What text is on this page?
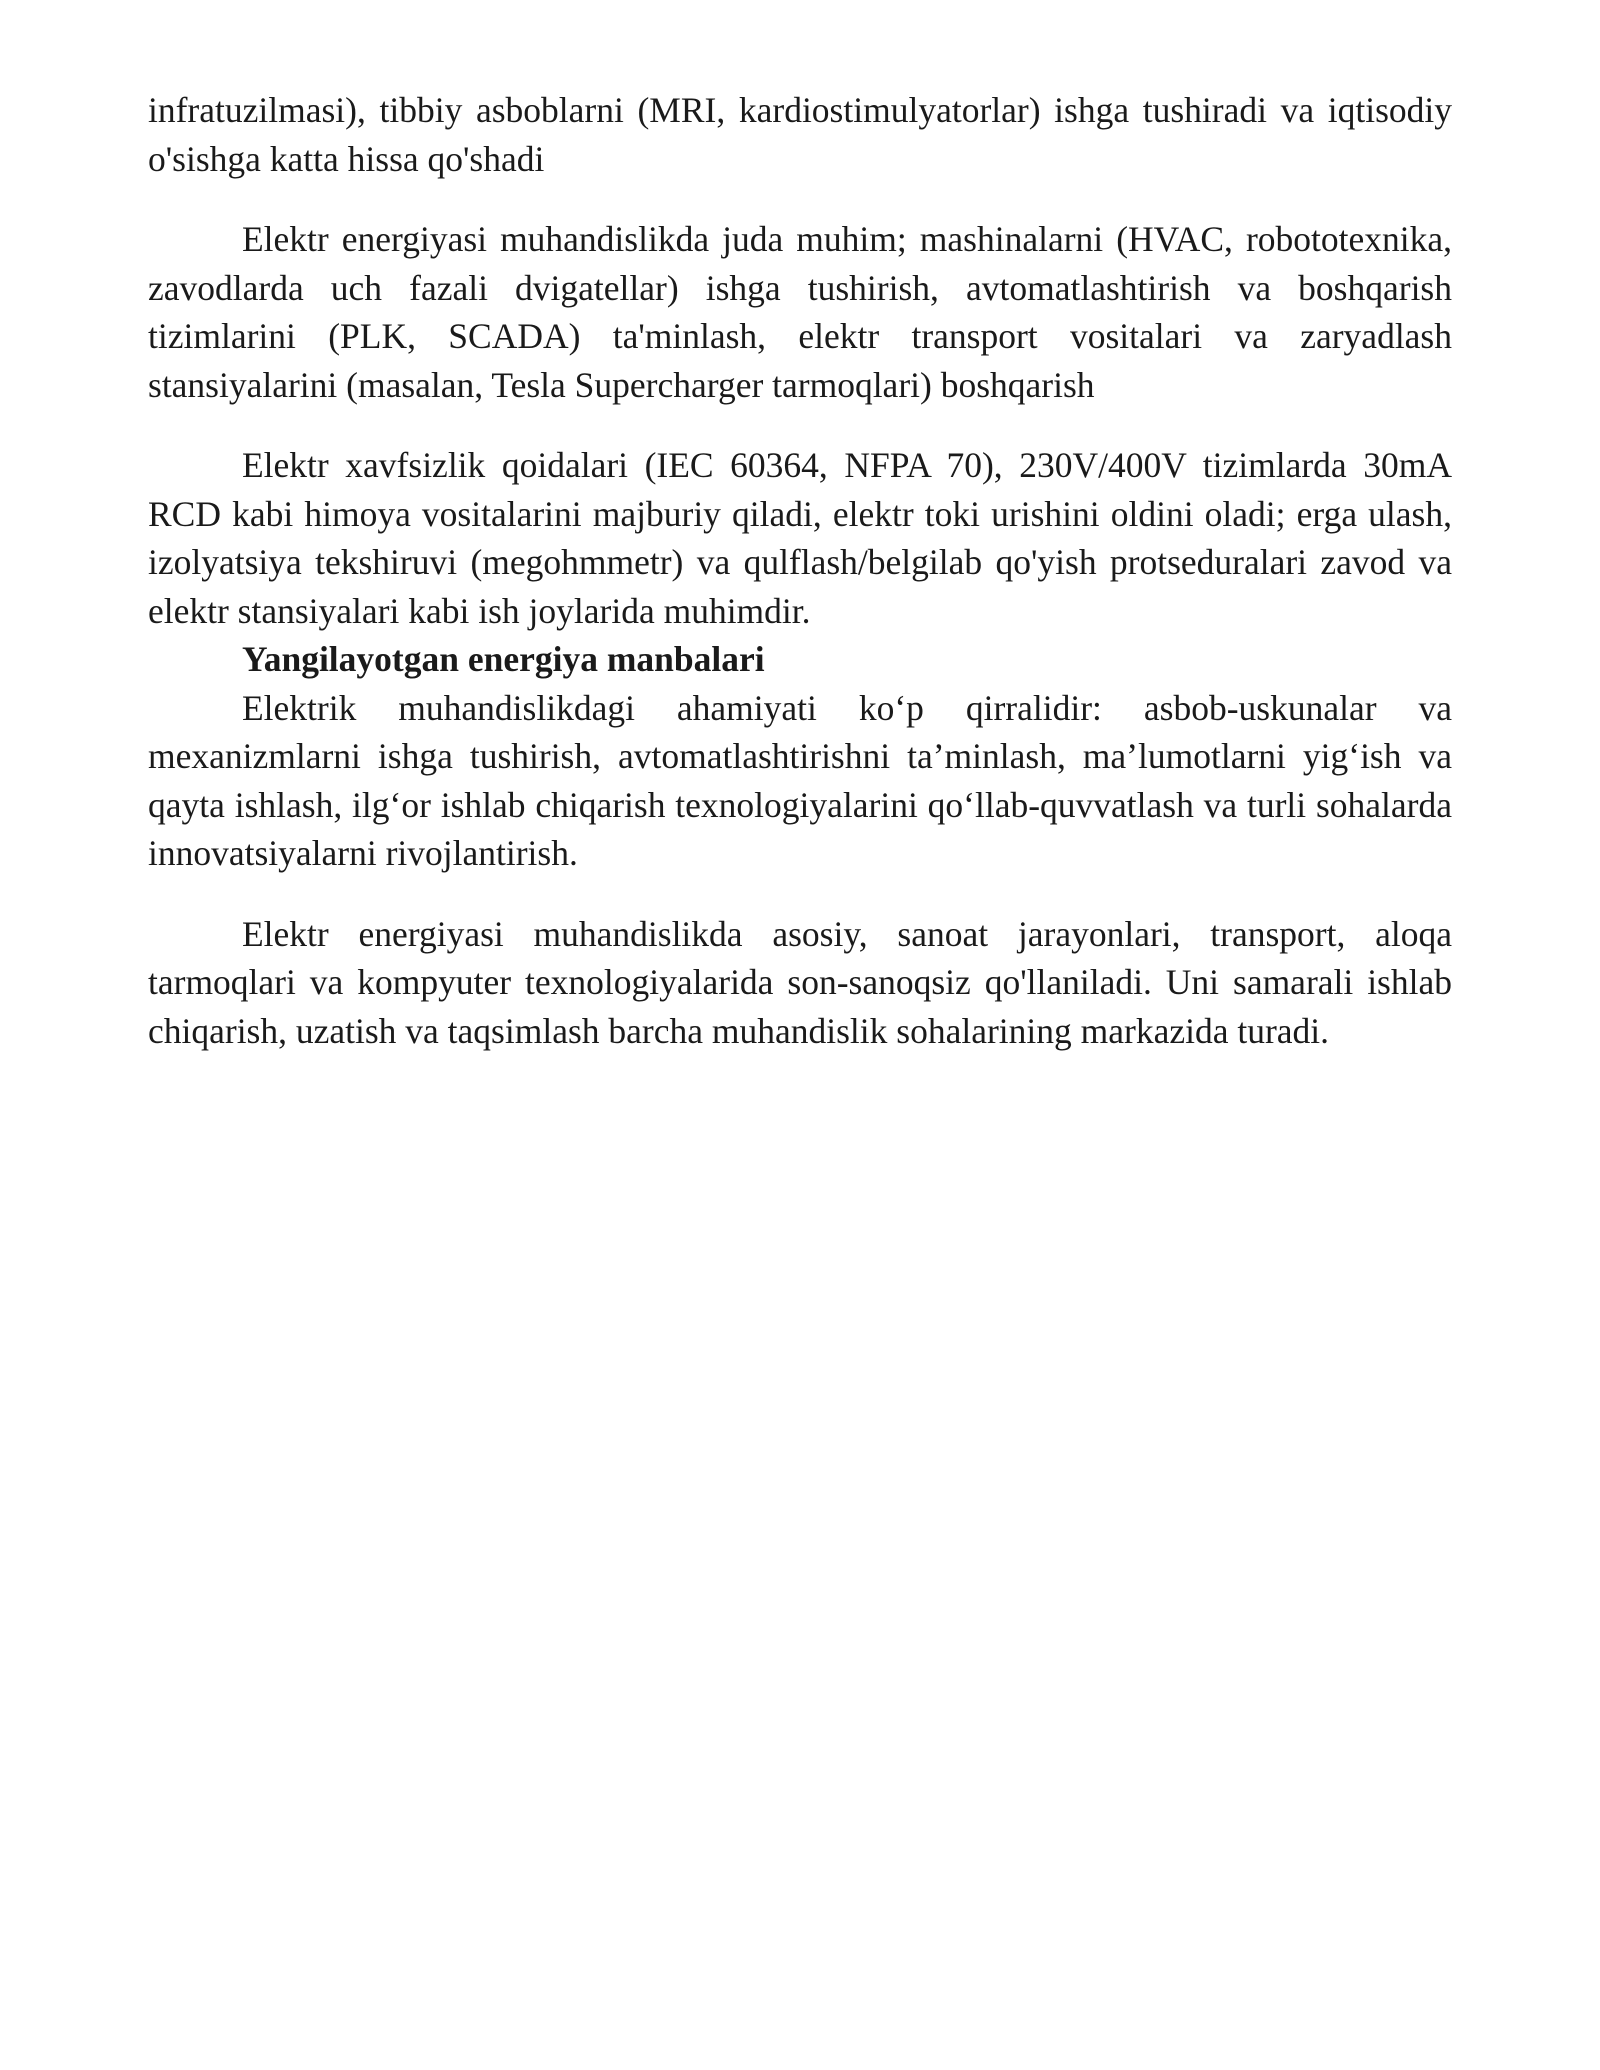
infratuzilmasi), tibbiy asboblarni (MRI, kardiostimulyatorlar) ishga tushiradi va iqtisodiy o'sishga katta hissa qo'shadi

Elektr energiyasi muhandislikda juda muhim; mashinalarni (HVAC, robototexnika, zavodlarda uch fazali dvigatellar) ishga tushirish, avtomatlashtirish va boshqarish tizimlarini (PLK, SCADA) ta'minlash, elektr transport vositalari va zaryadlash stansiyalarini (masalan, Tesla Supercharger tarmoqlari) boshqarish

Elektr xavfsizlik qoidalari (IEC 60364, NFPA 70), 230V/400V tizimlarda 30mA RCD kabi himoya vositalarini majburiy qiladi, elektr toki urishini oldini oladi; erga ulash, izolyatsiya tekshiruvi (megohmmetr) va qulflash/belgilab qo'yish protseduralari zavod va elektr stansiyalari kabi ish joylarida muhimdir.

Yangilayotgan energiya manbalari

Elektrik muhandislikdagi ahamiyati ko‘p qirralidir: asbob-uskunalar va mexanizmlarni ishga tushirish, avtomatlashtirishni ta’minlash, ma’lumotlarni yig‘ish va qayta ishlash, ilg‘or ishlab chiqarish texnologiyalarini qo‘llab-quvvatlash va turli sohalarda innovatsiyalarni rivojlantirish.

Elektr energiyasi muhandislikda asosiy, sanoat jarayonlari, transport, aloqa tarmoqlari va kompyuter texnologiyalarida son-sanoqsiz qo'llaniladi. Uni samarali ishlab chiqarish, uzatish va taqsimlash barcha muhandislik sohalarining markazida turadi.
